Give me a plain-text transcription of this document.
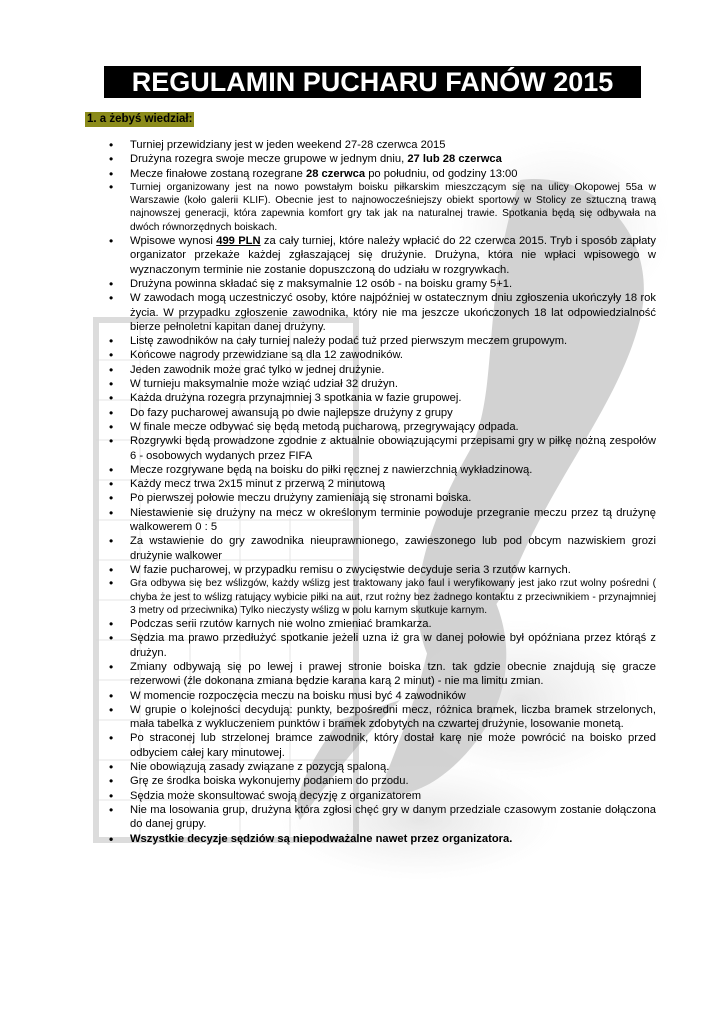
REGULAMIN PUCHARU FANÓW 2015
1. a żebyś wiedział:
• Turniej przewidziany jest w jeden weekend 27-28 czerwca 2015
• Drużyna rozegra swoje mecze grupowe w jednym dniu, 27 lub 28 czerwca
• Mecze finałowe zostaną rozegrane 28 czerwca po południu, od godziny 13:00
• Turniej organizowany jest na nowo powstałym boisku piłkarskim mieszczącym się na ulicy Okopowej 55a w Warszawie (koło galerii KLIF). Obecnie jest to najnowocześniejszy obiekt sportowy w Stolicy ze sztuczną trawą najnowszej generacji, która zapewnia komfort gry tak jak na naturalnej trawie. Spotkania będą się odbywała na dwóch równorzędnych boiskach.
• Wpisowe wynosi 499 PLN za cały turniej, które należy wpłacić do 22 czerwca 2015. Tryb i sposób zapłaty organizator przekaże każdej zgłaszającej się drużynie. Drużyna, która nie wpłaci wpisowego w wyznaczonym terminie nie zostanie dopuszczoną do udziału w rozgrywkach.
• Drużyna powinna składać się z maksymalnie 12 osób - na boisku gramy 5+1.
• W zawodach mogą uczestniczyć osoby, które najpóźniej w ostatecznym dniu zgłoszenia ukończyły 18 rok życia. W przypadku zgłoszenie zawodnika, który nie ma jeszcze ukończonych 18 lat odpowiedzialność bierze pełnoletni kapitan danej drużyny.
• Listę zawodników na cały turniej należy podać tuż przed pierwszym meczem grupowym.
• Końcowe nagrody przewidziane są dla 12 zawodników.
• Jeden zawodnik może grać tylko w jednej drużynie.
• W turnieju maksymalnie może wziąć udział 32 drużyn.
• Każda drużyna rozegra przynajmniej 3 spotkania w fazie grupowej.
• Do fazy pucharowej awansują po dwie najlepsze drużyny z grupy
• W finale mecze odbywać się będą metodą pucharową, przegrywający odpada.
• Rozgrywki będą prowadzone zgodnie z aktualnie obowiązującymi przepisami gry w piłkę nożną zespołów 6 - osobowych wydanych przez FIFA
• Mecze rozgrywane będą na boisku do piłki ręcznej z nawierzchnią wykładzinową.
• Każdy mecz trwa 2x15 minut z przerwą 2 minutową
• Po pierwszej połowie meczu drużyny zamieniają się stronami boiska.
• Niestawienie się drużyny na mecz w określonym terminie powoduje przegranie meczu przez tą drużynę walkowerem 0 : 5
• Za wstawienie do gry zawodnika nieuprawnionego, zawieszonego lub pod obcym nazwiskiem grozi drużynie walkower
• W fazie pucharowej, w przypadku remisu o zwycięstwie decyduje seria 3 rzutów karnych.
• Gra odbywa się bez wślizgów, każdy wślizg jest traktowany jako faul i weryfikowany jest jako rzut wolny pośredni ( chyba że jest to wślizg ratujący wybicie piłki na aut, rzut rożny bez żadnego kontaktu z przeciwnikiem - przynajmniej 3 metry od przeciwnika) Tylko nieczysty wślizg w polu karnym skutkuje karnym.
• Podczas serii rzutów karnych nie wolno zmieniać bramkarza.
• Sędzia ma prawo przedłużyć spotkanie jeżeli uzna iż gra w danej połowie był opóźniana przez którąś z drużyn.
• Zmiany odbywają się po lewej i prawej stronie boiska tzn. tak gdzie obecnie znajdują się gracze rezerwowi (źle dokonana zmiana będzie karana karą 2 minut) - nie ma limitu zmian.
• W momencie rozpoczęcia meczu na boisku musi być 4 zawodników
• W grupie o kolejności decydują: punkty, bezpośredni mecz, różnica bramek, liczba bramek strzelonych, mała tabelka z wykluczeniem punktów i bramek zdobytych na czwartej drużynie, losowanie monetą.
• Po straconej lub strzelonej bramce zawodnik, który dostał karę nie może powrócić na boisko przed odbyciem całej kary minutowej.
• Nie obowiązują zasady związane z pozycją spaloną.
• Grę ze środka boiska wykonujemy podaniem do przodu.
• Sędzia może skonsultować swoją decyzję z organizatorem
• Nie ma losowania grup, drużyna która zgłosi chęć gry w danym przedziale czasowym zostanie dołączona do danej grupy.
• Wszystkie decyzje sędziów są niepodważalne nawet przez organizatora.
